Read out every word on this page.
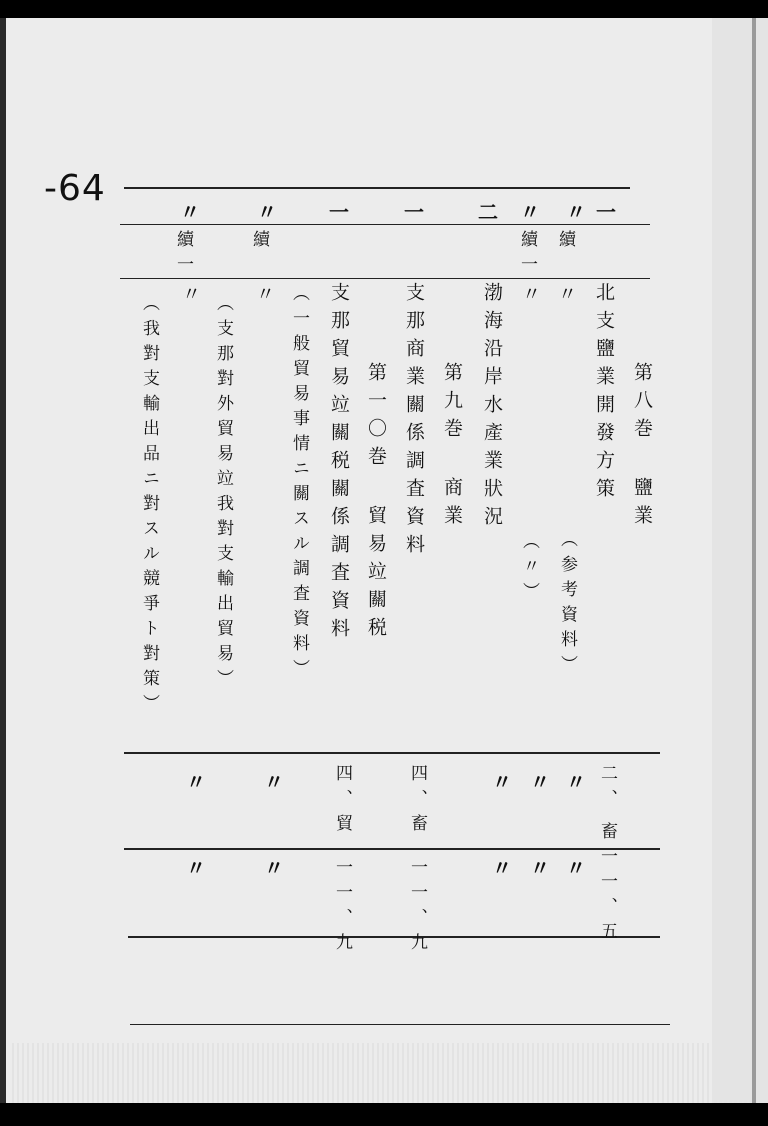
-64
一
〃
〃
二
一
一
〃
〃
續
續一
續
續一
第八巻 鹽業
北支鹽業開發方策
（参考資料）
〃
〃
（〃）
渤海沿岸水產業狀況
第九巻 商業
支那商業關係調査資料
第一〇巻 貿易竝關税
支那貿易竝關税關係調査資料
（一般貿易事情ニ關スル調査資料）
〃
（支那對外貿易竝我對支輸出貿易）
〃
（我對支輸出品ニ對スル競爭ト對策）
二、
〃
〃
〃
四、畜
四、貿
〃
〃
畜一一、五
〃
〃
〃
一一、九
一一、九
〃
〃
